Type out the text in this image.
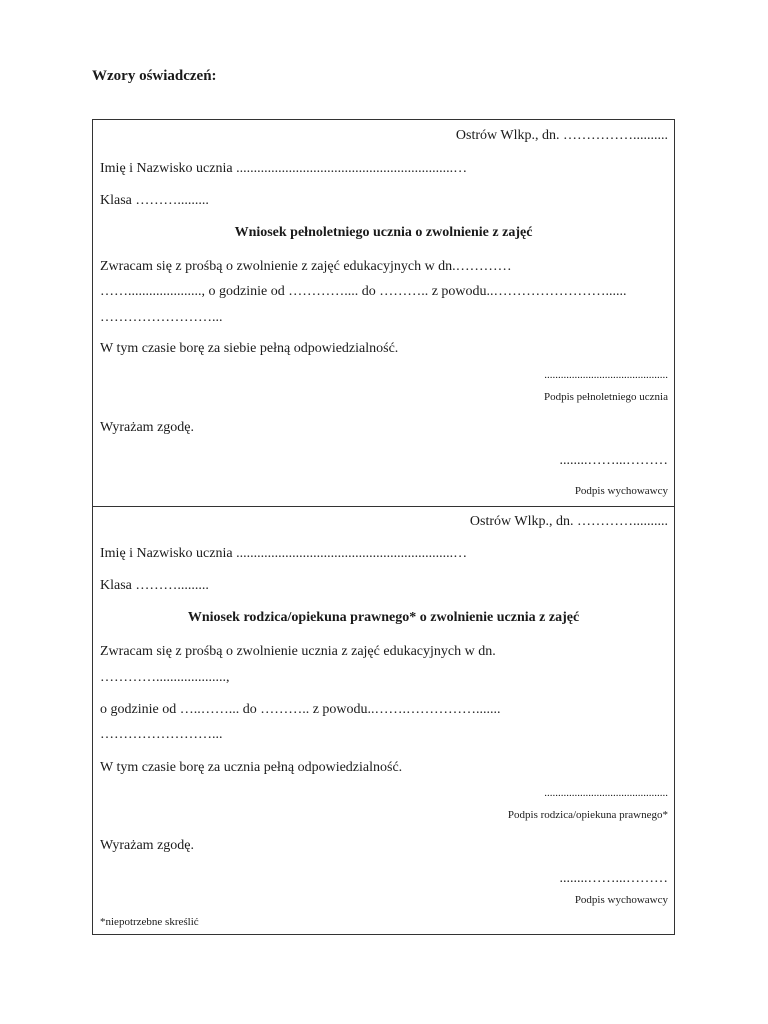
Wzory oświadczeń:
Ostrów Wlkp., dn. ……………..........
Imię i Nazwisko ucznia ..............................................................…
Klasa ……….........
Wniosek pełnoletniego ucznia o zwolnienie z zajęć
Zwracam się z prośbą o zwolnienie z zajęć edukacyjnych w dn.…………
……....................., o godzinie od ………….... do ……….. z powodu..……………………......
……………………...
W tym czasie borę za siebie pełną odpowiedzialność.
.............................................
Podpis pełnoletniego ucznia
Wyrażam zgodę.
........……...………
Podpis wychowawcy
Ostrów Wlkp., dn. …………..........
Imię i Nazwisko ucznia ..............................................................…
Klasa ……….........
Wniosek rodzica/opiekuna prawnego* o zwolnienie ucznia z zajęć
Zwracam się z prośbą o zwolnienie ucznia z zajęć edukacyjnych w dn.
…………....................,
o godzinie od …..……... do ……….. z powodu..…….…………….......
……………………...
W tym czasie borę za ucznia pełną odpowiedzialność.
.............................................
Podpis rodzica/opiekuna prawnego*
Wyrażam zgodę.
........……...………
Podpis wychowawcy
*niepotrzebne skreślić
